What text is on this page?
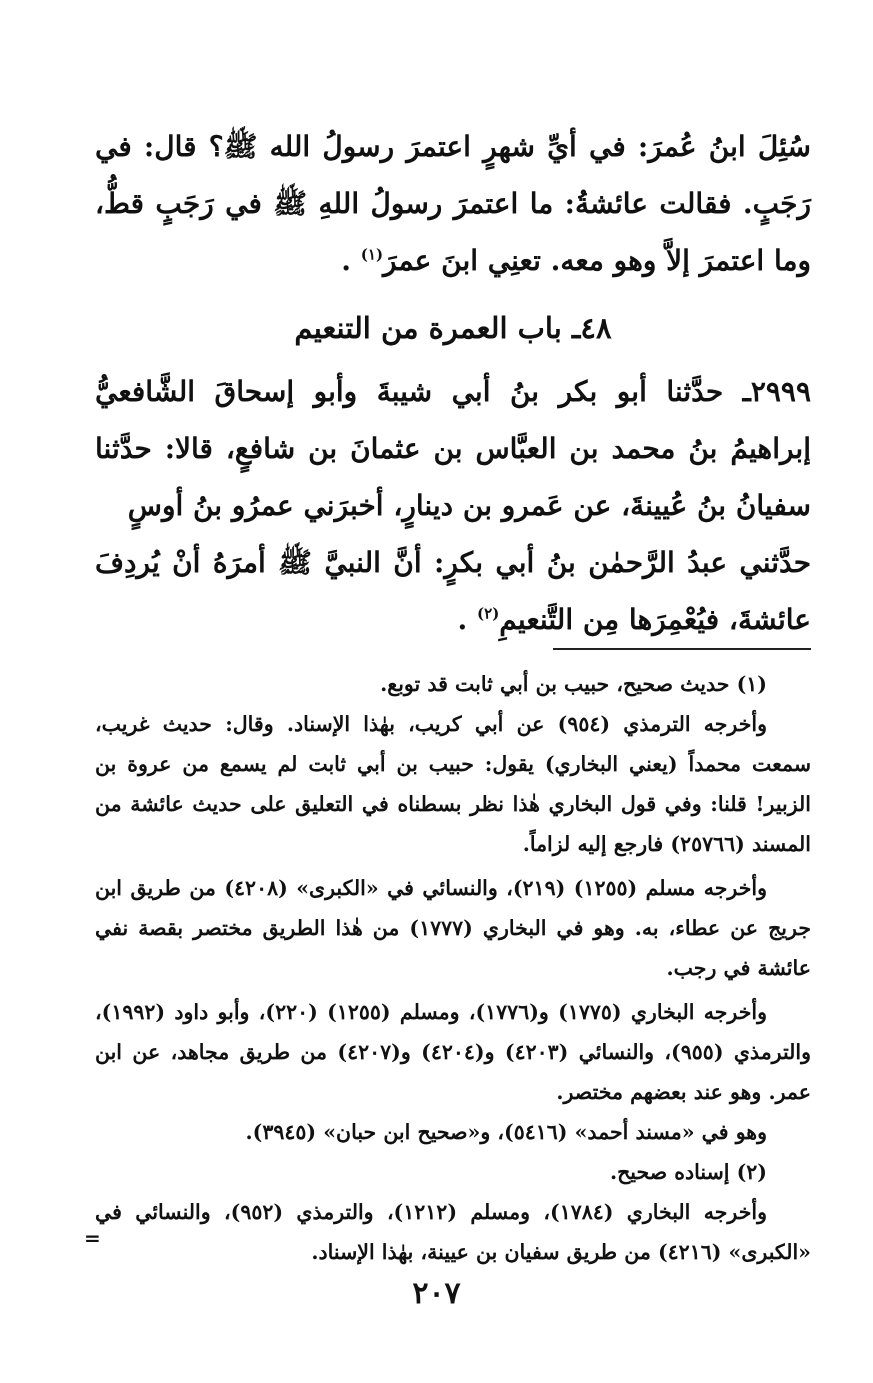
سُئِلَ ابنُ عُمرَ: في أيِّ شهرٍ اعتمرَ رسولُ الله ﷺ؟ قال: في رَجَبٍ. فقالت عائشةُ: ما اعتمرَ رسولُ اللهِ ﷺ في رَجَبٍ قطُّ، وما اعتمرَ إلاَّ وهو معه. تعنِي ابنَ عمرَ$^{(١)}$ .

٤٨ـ باب العمرة من التنعيم

٢٩٩٩ـ حدَّثنا أبو بكر بنُ أبي شيبةَ وأبو إسحاقَ الشَّافعيُّ إبراهيمُ بنُ محمد بن العبَّاس بن عثمانَ بن شافعٍ، قالا: حدَّثنا سفيانُ بنُ عُيينةَ، عن عَمرو بن دينارٍ، أخبرَني عمرُو بنُ أوسٍ

حدَّثني عبدُ الرَّحمٰن بنُ أبي بكرٍ: أنَّ النبيَّ ﷺ أمرَهُ أنْ يُردِفَ عائشةَ، فيُعْمِرَها مِن التَّنعيمِ$^{(٢)}$ .

(١) حديث صحيح، حبيب بن أبي ثابت قد توبع.

وأخرجه الترمذي (٩٥٤) عن أبي كريب، بهٰذا الإسناد. وقال: حديث غريب، سمعت محمداً (يعني البخاري) يقول: حبيب بن أبي ثابت لم يسمع من عروة بن الزبير! قلنا: وفي قول البخاري هٰذا نظر بسطناه في التعليق على حديث عائشة من المسند (٢٥٧٦٦) فارجع إليه لزاماً.

وأخرجه مسلم (١٢٥٥) (٢١٩)، والنسائي في «الكبرى» (٤٢٠٨) من طريق ابن جريج عن عطاء، به. وهو في البخاري (١٧٧٧) من هٰذا الطريق مختصر بقصة نفي عائشة في رجب.

وأخرجه البخاري (١٧٧٥) و(١٧٧٦)، ومسلم (١٢٥٥) (٢٢٠)، وأبو داود (١٩٩٢)، والترمذي (٩٥٥)، والنسائي (٤٢٠٣) و(٤٢٠٤) و(٤٢٠٧) من طريق مجاهد، عن ابن عمر. وهو عند بعضهم مختصر.

وهو في «مسند أحمد» (٥٤١٦)، و«صحيح ابن حبان» (٣٩٤٥).

(٢) إسناده صحيح.

وأخرجه البخاري (١٧٨٤)، ومسلم (١٢١٢)، والترمذي (٩٥٢)، والنسائي في «الكبرى» (٤٢١٦) من طريق سفيان بن عيينة، بهٰذا الإسناد.

=
٢٠٧
